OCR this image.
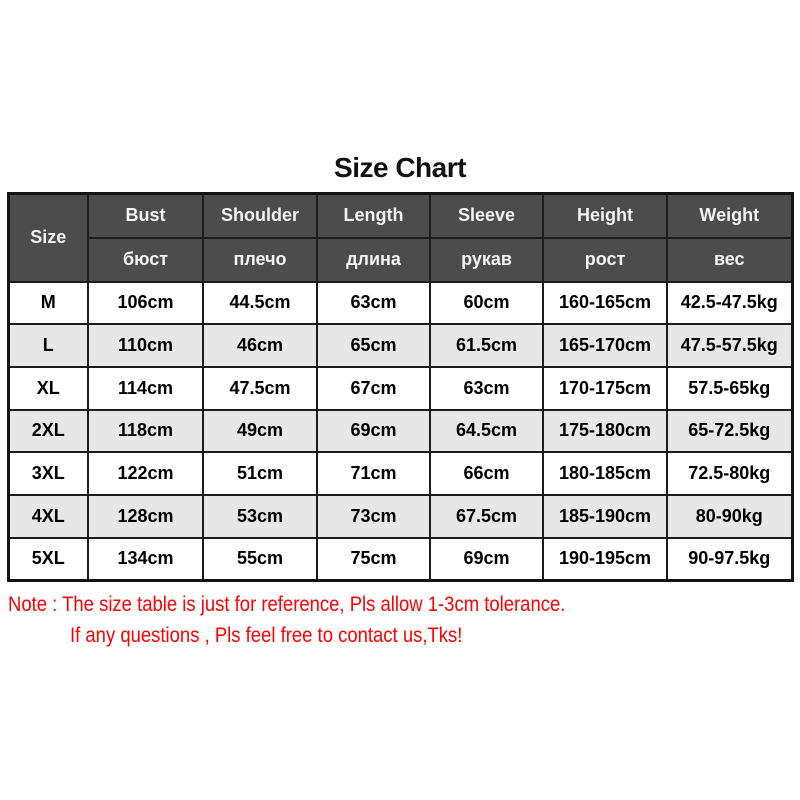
Size Chart
Size	Bust	Shoulder	Length	Sleeve	Height	Weight
	бюст	плечо	длина	рукав	рост	вес
M	106cm	44.5cm	63cm	60cm	160-165cm	42.5-47.5kg
L	110cm	46cm	65cm	61.5cm	165-170cm	47.5-57.5kg
XL	114cm	47.5cm	67cm	63cm	170-175cm	57.5-65kg
2XL	118cm	49cm	69cm	64.5cm	175-180cm	65-72.5kg
3XL	122cm	51cm	71cm	66cm	180-185cm	72.5-80kg
4XL	128cm	53cm	73cm	67.5cm	185-190cm	80-90kg
5XL	134cm	55cm	75cm	69cm	190-195cm	90-97.5kg
Note : The size table is just for reference, Pls allow 1-3cm tolerance.
If any questions , Pls feel free to contact us,Tks!
